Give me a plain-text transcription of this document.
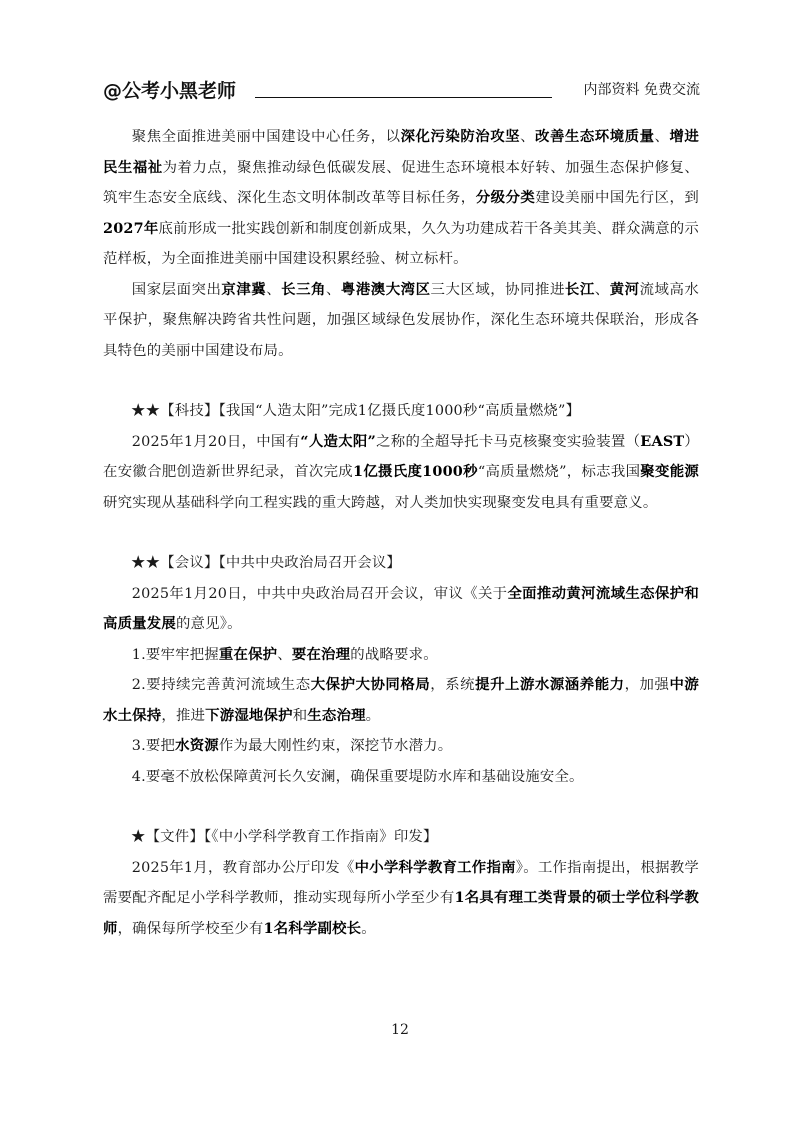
@公考小黑老师	内部资料 免费交流

聚焦全面推进美丽中国建设中心任务，以深化污染防治攻坚、改善生态环境质量、增进民生福祉为着力点，聚焦推动绿色低碳发展、促进生态环境根本好转、加强生态保护修复、筑牢生态安全底线、深化生态文明体制改革等目标任务，分级分类建设美丽中国先行区，到2027年底前形成一批实践创新和制度创新成果，久久为功建成若干各美其美、群众满意的示范样板，为全面推进美丽中国建设积累经验、树立标杆。

国家层面突出京津冀、长三角、粤港澳大湾区三大区域，协同推进长江、黄河流域高水平保护，聚焦解决跨省共性问题，加强区域绿色发展协作，深化生态环境共保联治，形成各具特色的美丽中国建设布局。

★★【科技】【我国“人造太阳”完成1亿摄氏度1000秒“高质量燃烧”】

2025年1月20日，中国有“人造太阳”之称的全超导托卡马克核聚变实验装置（EAST）在安徽合肥创造新世界纪录，首次完成1亿摄氏度1000秒“高质量燃烧”，标志我国聚变能源研究实现从基础科学向工程实践的重大跨越，对人类加快实现聚变发电具有重要意义。

★★【会议】【中共中央政治局召开会议】

2025年1月20日，中共中央政治局召开会议，审议《关于全面推动黄河流域生态保护和高质量发展的意见》。

1.要牢牢把握重在保护、要在治理的战略要求。

2.要持续完善黄河流域生态大保护大协同格局，系统提升上游水源涵养能力，加强中游水土保持，推进下游湿地保护和生态治理。

3.要把水资源作为最大刚性约束，深挖节水潜力。

4.要毫不放松保障黄河长久安澜，确保重要堤防水库和基础设施安全。

★【文件】【《中小学科学教育工作指南》印发】

2025年1月，教育部办公厅印发《中小学科学教育工作指南》。工作指南提出，根据教学需要配齐配足小学科学教师，推动实现每所小学至少有1名具有理工类背景的硕士学位科学教师，确保每所学校至少有1名科学副校长。

12
